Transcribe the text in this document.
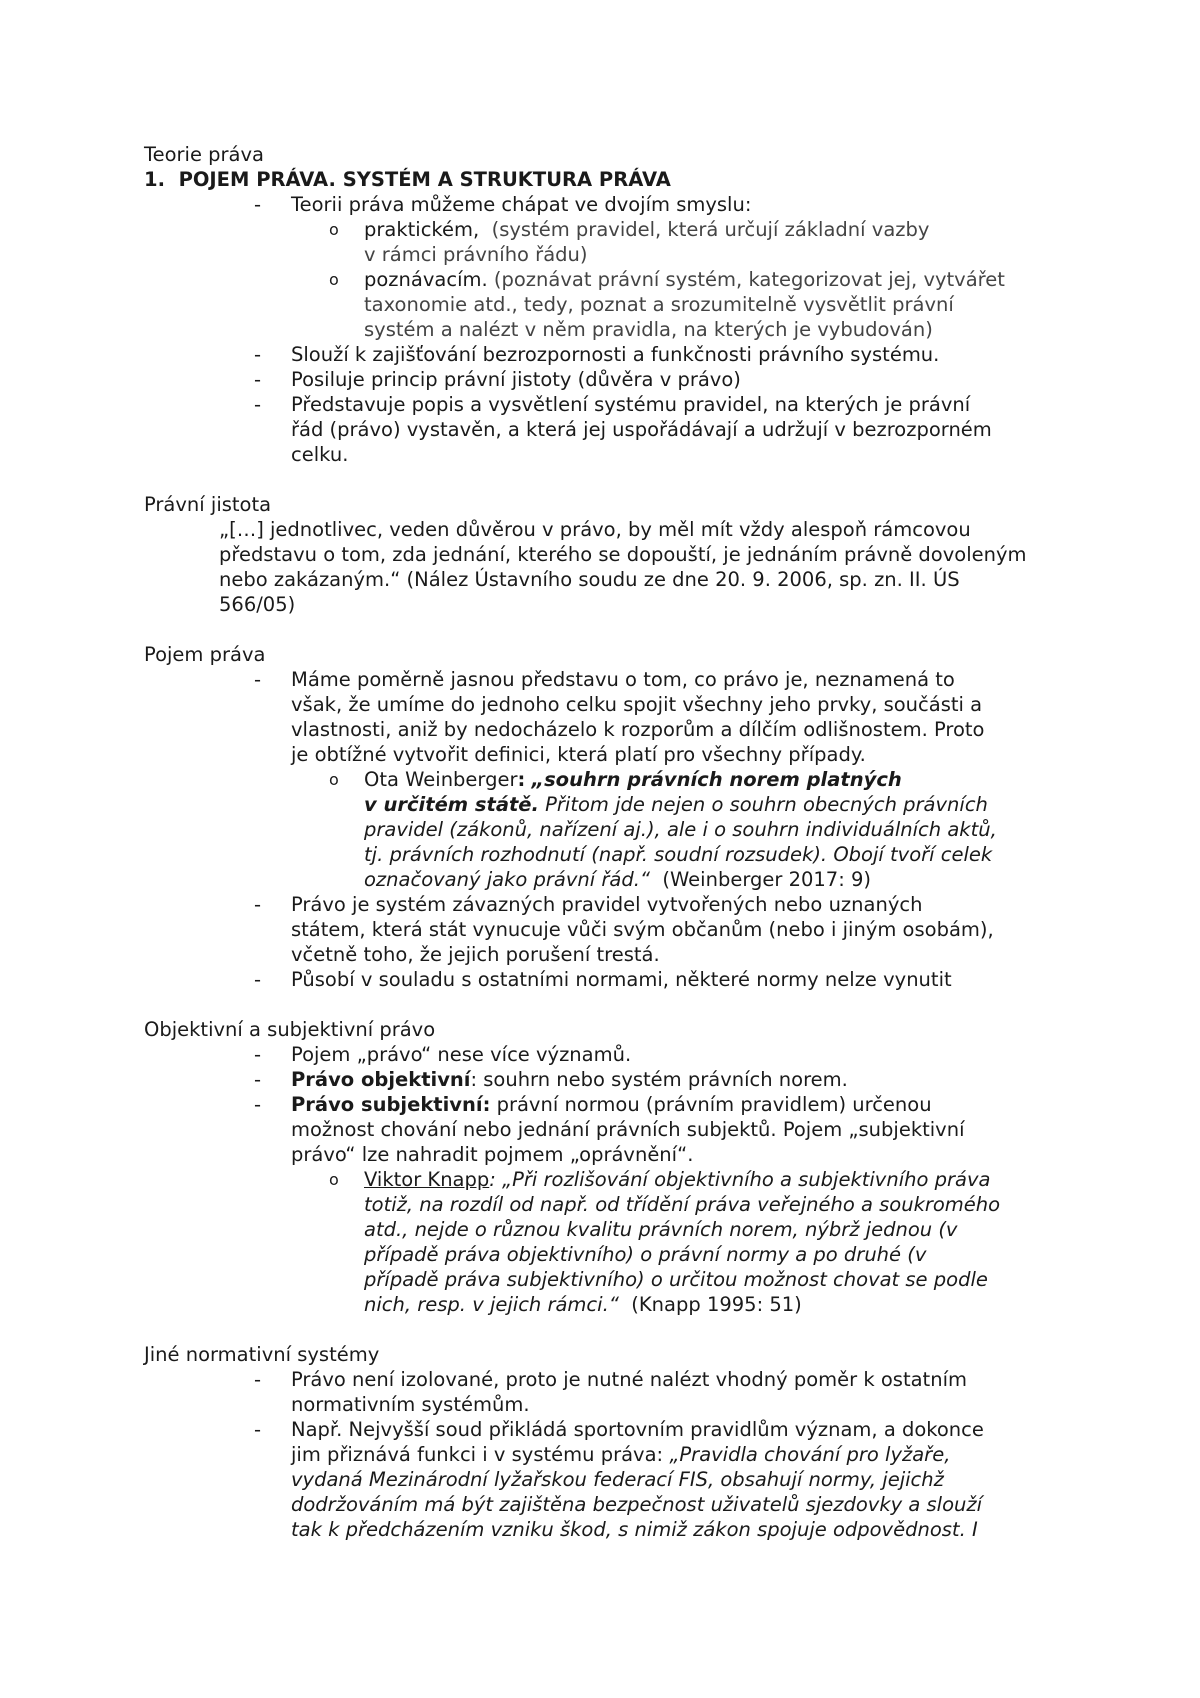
Teorie práva

1. POJEM PRÁVA. SYSTÉM A STRUKTURA PRÁVA

- Teorii práva můžeme chápat ve dvojím smyslu:
o praktickém, (systém pravidel, která určují základní vazby
v rámci právního řádu)
o poznávacím. (poznávat právní systém, kategorizovat jej, vytvářet
taxonomie atd., tedy, poznat a srozumitelně vysvětlit právní
systém a nalézt v něm pravidla, na kterých je vybudován)
- Slouží k zajišťování bezrozpornosti a funkčnosti právního systému.
- Posiluje princip právní jistoty (důvěra v právo)
- Představuje popis a vysvětlení systému pravidel, na kterých je právní
řád (právo) vystavěn, a která jej uspořádávají a udržují v bezrozporném
celku.

Právní jistota

„[…] jednotlivec, veden důvěrou v právo, by měl mít vždy alespoň rámcovou
představu o tom, zda jednání, kterého se dopouští, je jednáním právně dovoleným
nebo zakázaným.“ (Nález Ústavního soudu ze dne 20. 9. 2006, sp. zn. II. ÚS
566/05)

Pojem práva

- Máme poměrně jasnou představu o tom, co právo je, neznamená to
však, že umíme do jednoho celku spojit všechny jeho prvky, součásti a
vlastnosti, aniž by nedocházelo k rozporům a dílčím odlišnostem. Proto
je obtížné vytvořit definici, která platí pro všechny případy.
o Ota Weinberger: „souhrn právních norem platných
v určitém státě. Přitom jde nejen o souhrn obecných právních
pravidel (zákonů, nařízení aj.), ale i o souhrn individuálních aktů,
tj. právních rozhodnutí (např. soudní rozsudek). Obojí tvoří celek
označovaný jako právní řád.“ (Weinberger 2017: 9)
- Právo je systém závazných pravidel vytvořených nebo uznaných
státem, která stát vynucuje vůči svým občanům (nebo i jiným osobám),
včetně toho, že jejich porušení trestá.
- Působí v souladu s ostatními normami, některé normy nelze vynutit

Objektivní a subjektivní právo

- Pojem „právo“ nese více významů.
- Právo objektivní: souhrn nebo systém právních norem.
- Právo subjektivní: právní normou (právním pravidlem) určenou
možnost chování nebo jednání právních subjektů. Pojem „subjektivní
právo“ lze nahradit pojmem „oprávnění“.
o Viktor Knapp: „Při rozlišování objektivního a subjektivního práva
totiž, na rozdíl od např. od třídění práva veřejného a soukromého
atd., nejde o různou kvalitu právních norem, nýbrž jednou (v
případě práva objektivního) o právní normy a po druhé (v
případě práva subjektivního) o určitou možnost chovat se podle
nich, resp. v jejich rámci.“ (Knapp 1995: 51)

Jiné normativní systémy

- Právo není izolované, proto je nutné nalézt vhodný poměr k ostatním
normativním systémům.
- Např. Nejvyšší soud přikládá sportovním pravidlům význam, a dokonce
jim přiznává funkci i v systému práva: „Pravidla chování pro lyžaře,
vydaná Mezinárodní lyžařskou federací FIS, obsahují normy, jejichž
dodržováním má být zajištěna bezpečnost uživatelů sjezdovky a slouží
tak k předcházením vzniku škod, s nimiž zákon spojuje odpovědnost. I
